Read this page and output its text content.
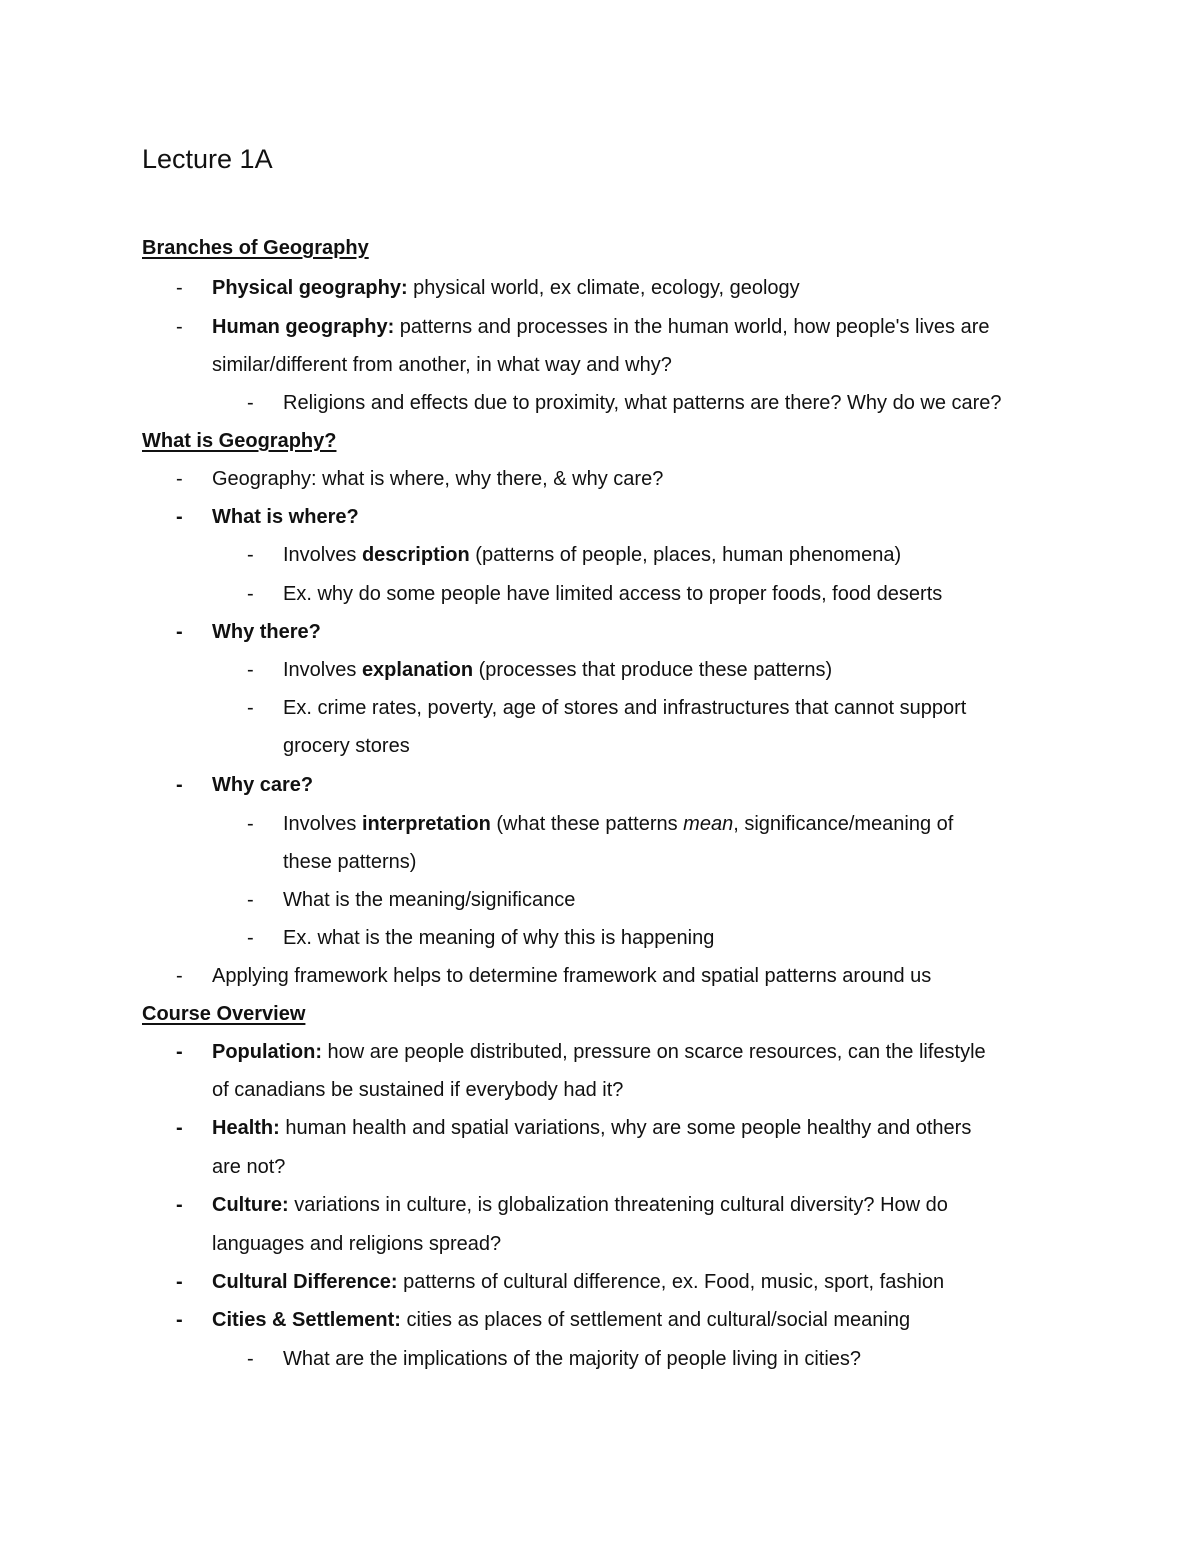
Lecture 1A
Branches of Geography
- Physical geography: physical world, ex climate, ecology, geology
- Human geography: patterns and processes in the human world, how people's lives are
similar/different from another, in what way and why?
- Religions and effects due to proximity, what patterns are there? Why do we care?
What is Geography?
- Geography: what is where, why there, & why care?
- What is where?
- Involves description (patterns of people, places, human phenomena)
- Ex. why do some people have limited access to proper foods, food deserts
- Why there?
- Involves explanation (processes that produce these patterns)
- Ex. crime rates, poverty, age of stores and infrastructures that cannot support
grocery stores
- Why care?
- Involves interpretation (what these patterns mean, significance/meaning of
these patterns)
- What is the meaning/significance
- Ex. what is the meaning of why this is happening
- Applying framework helps to determine framework and spatial patterns around us
Course Overview
- Population: how are people distributed, pressure on scarce resources, can the lifestyle
of canadians be sustained if everybody had it?
- Health: human health and spatial variations, why are some people healthy and others
are not?
- Culture: variations in culture, is globalization threatening cultural diversity? How do
languages and religions spread?
- Cultural Difference: patterns of cultural difference, ex. Food, music, sport, fashion
- Cities & Settlement: cities as places of settlement and cultural/social meaning
- What are the implications of the majority of people living in cities?
